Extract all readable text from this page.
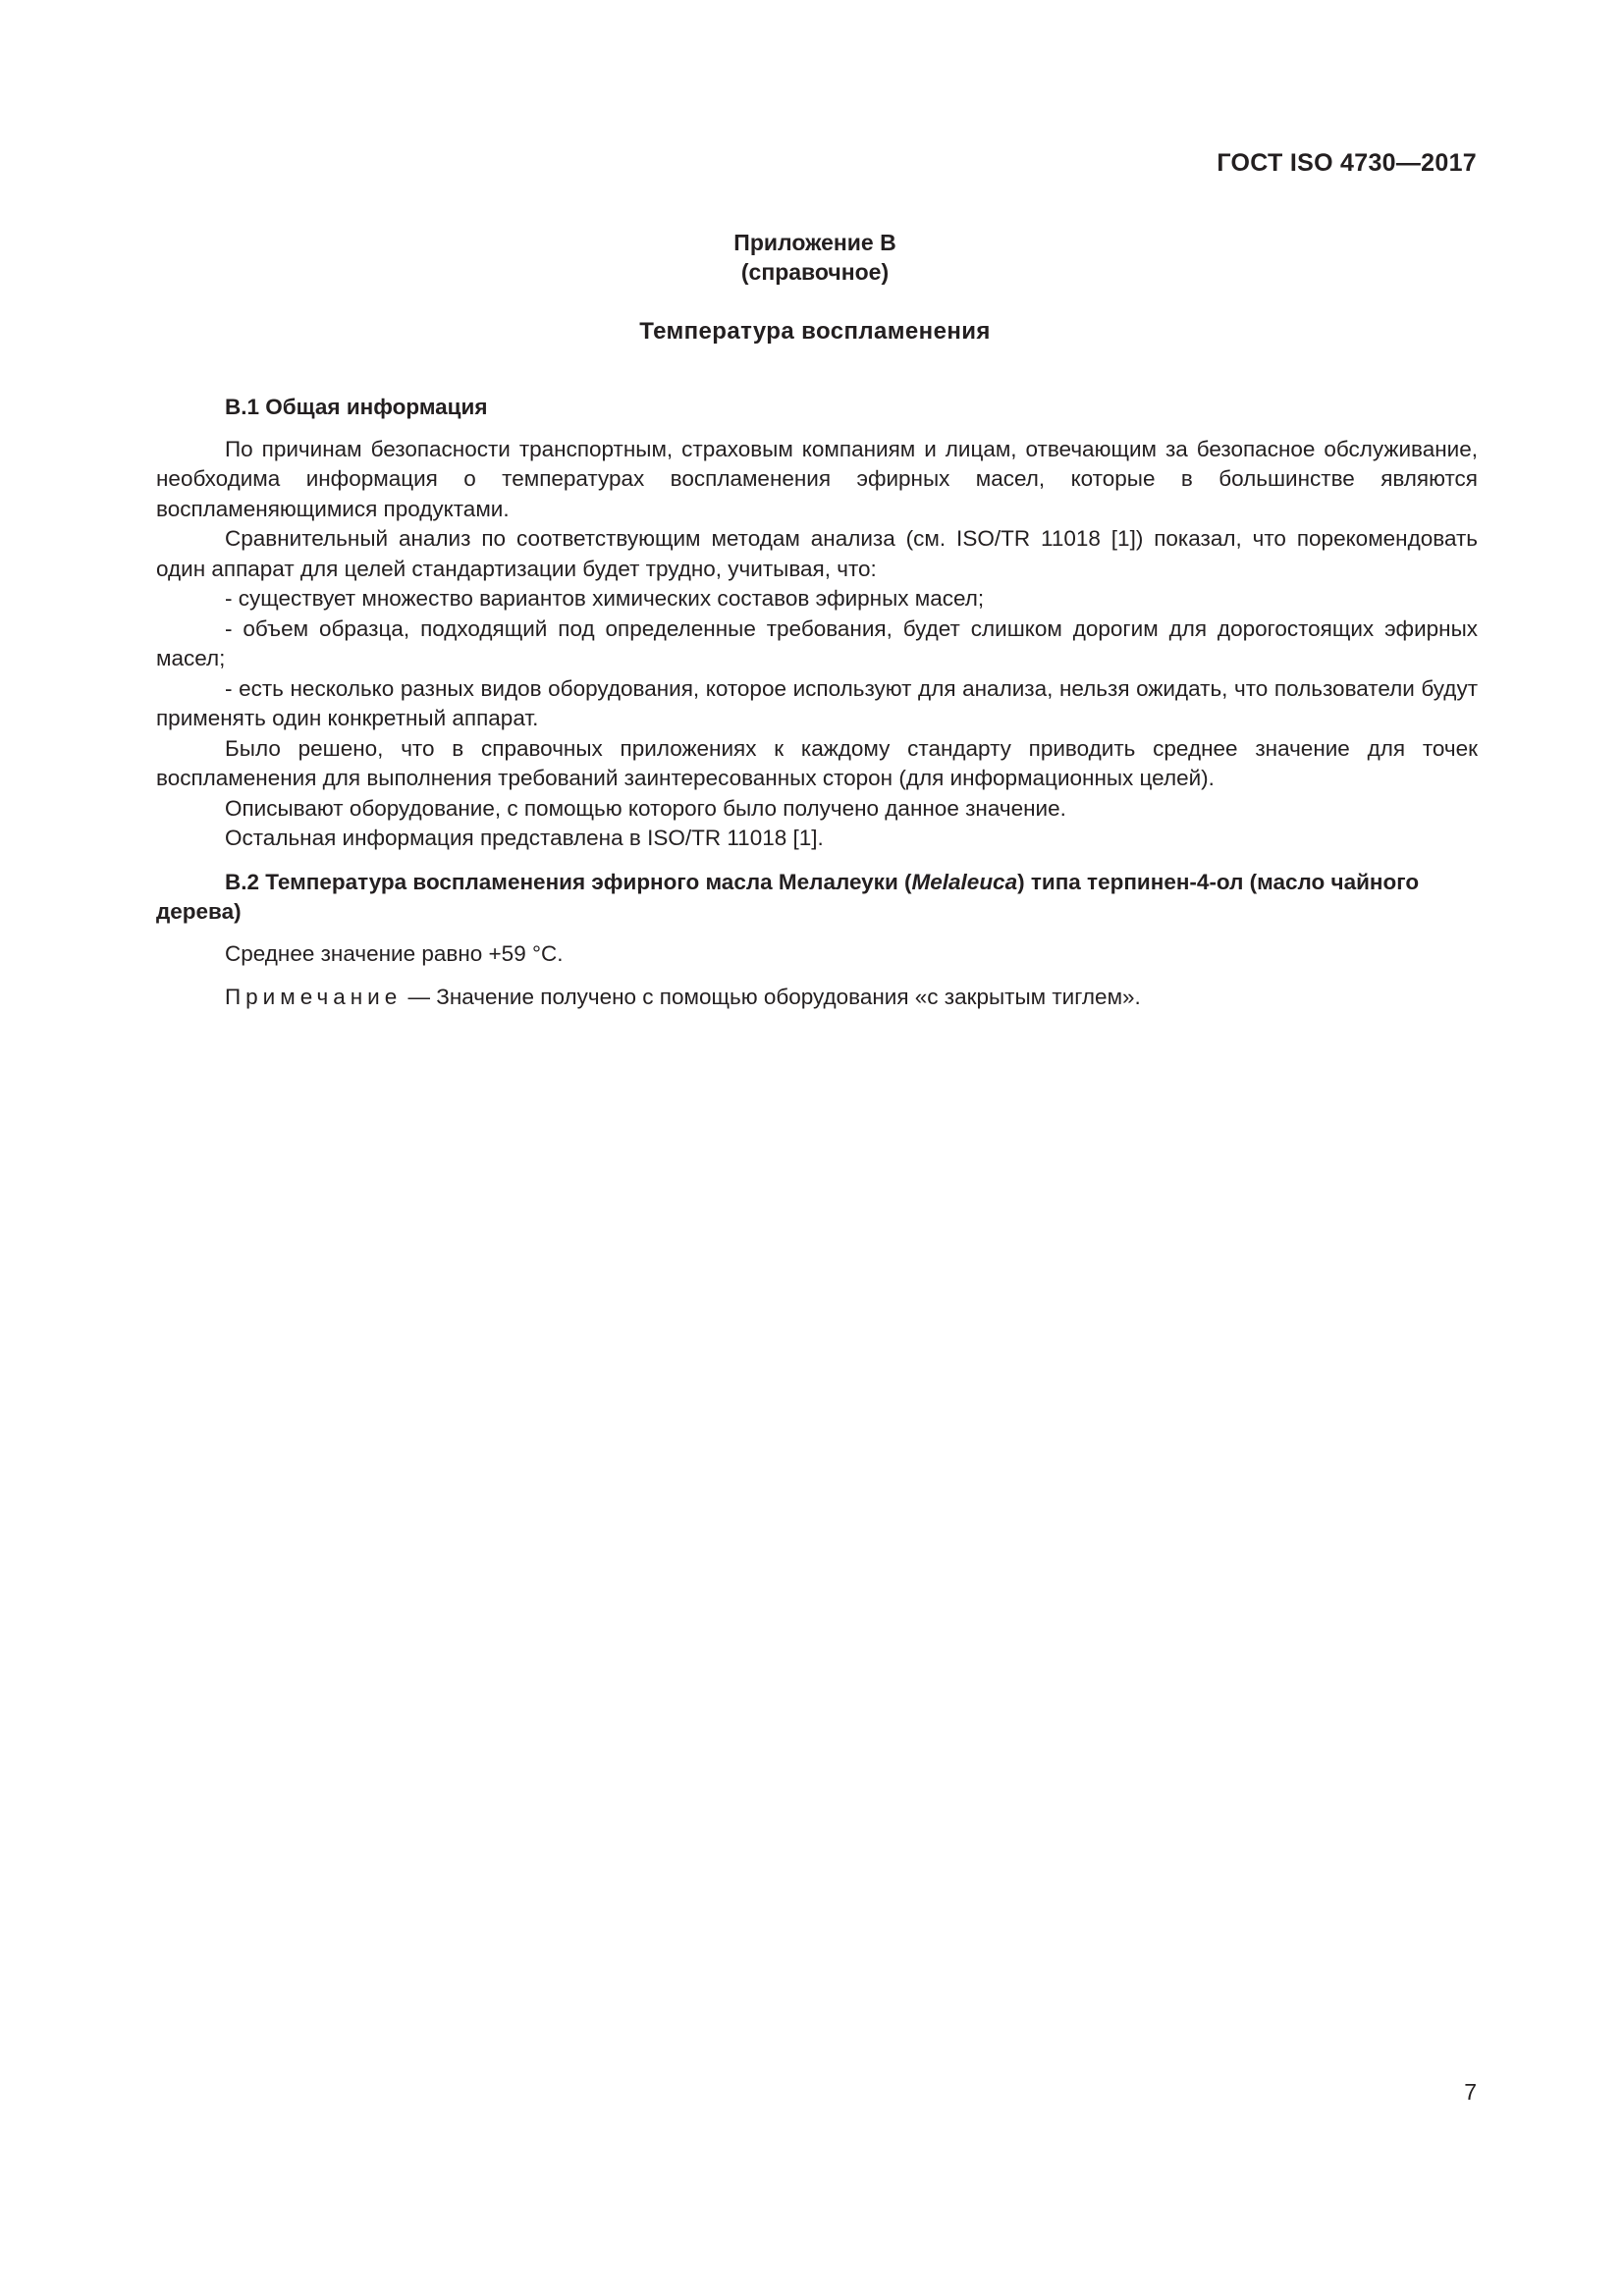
ГОСТ ISO 4730—2017
Приложение В
(справочное)
Температура воспламенения

В.1 Общая информация

По причинам безопасности транспортным, страховым компаниям и лицам, отвечающим за безопасное обслуживание, необходима информация о температурах воспламенения эфирных масел, которые в большинстве являются воспламеняющимися продуктами.

Сравнительный анализ по соответствующим методам анализа (см. ISO/TR 11018 [1]) показал, что порекомендовать один аппарат для целей стандартизации будет трудно, учитывая, что:

- существует множество вариантов химических составов эфирных масел;

- объем образца, подходящий под определенные требования, будет слишком дорогим для дорогостоящих эфирных масел;

- есть несколько разных видов оборудования, которое используют для анализа, нельзя ожидать, что пользователи будут применять один конкретный аппарат.

Было решено, что в справочных приложениях к каждому стандарту приводить среднее значение для точек воспламенения для выполнения требований заинтересованных сторон (для информационных целей).

Описывают оборудование, с помощью которого было получено данное значение.

Остальная информация представлена в ISO/TR 11018 [1].

В.2 Температура воспламенения эфирного масла Мелалеуки (Melaleuca) типа терпинен-4-ол (масло чайного дерева)

Среднее значение равно +59 °С.

Примечание — Значение получено с помощью оборудования «с закрытым тиглем».

7
